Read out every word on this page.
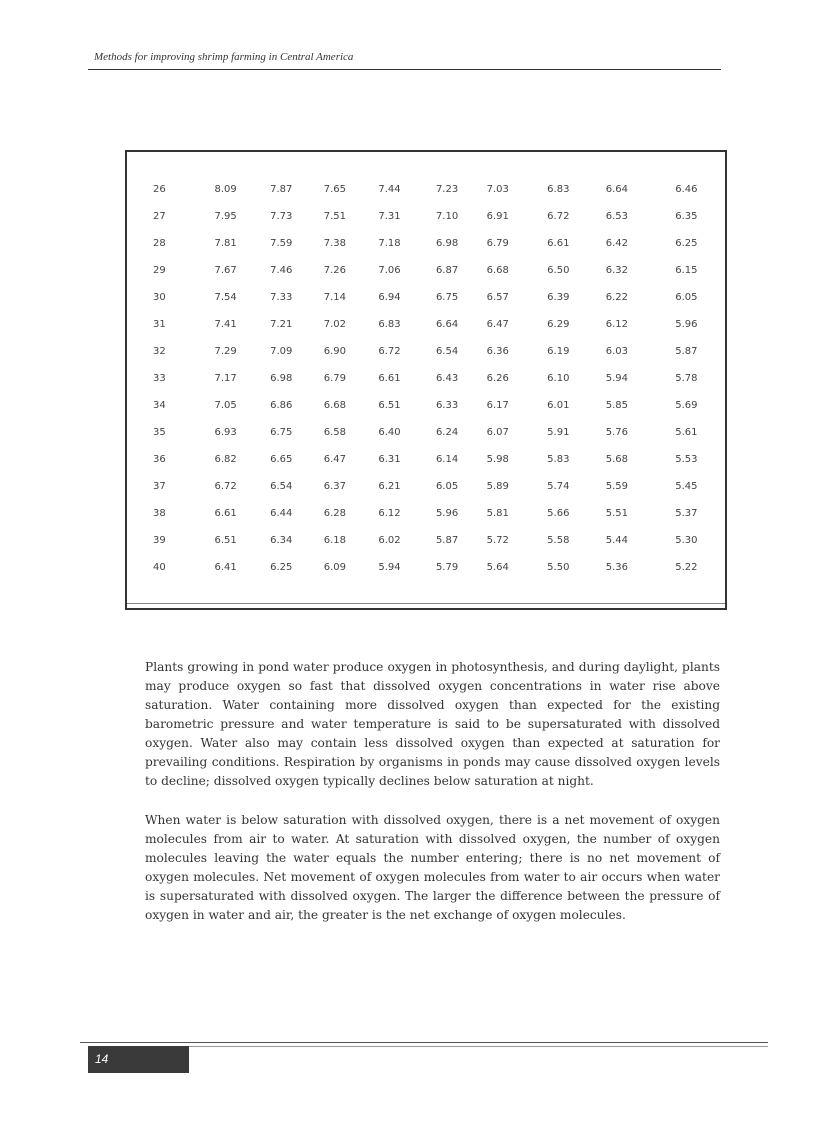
Methods for improving shrimp farming in Central America

26	8.09	7.87	7.65	7.44	7.23	7.03	6.83	6.64	6.46
27	7.95	7.73	7.51	7.31	7.10	6.91	6.72	6.53	6.35
28	7.81	7.59	7.38	7.18	6.98	6.79	6.61	6.42	6.25
29	7.67	7.46	7.26	7.06	6.87	6.68	6.50	6.32	6.15
30	7.54	7.33	7.14	6.94	6.75	6.57	6.39	6.22	6.05
31	7.41	7.21	7.02	6.83	6.64	6.47	6.29	6.12	5.96
32	7.29	7.09	6.90	6.72	6.54	6.36	6.19	6.03	5.87
33	7.17	6.98	6.79	6.61	6.43	6.26	6.10	5.94	5.78
34	7.05	6.86	6.68	6.51	6.33	6.17	6.01	5.85	5.69
35	6.93	6.75	6.58	6.40	6.24	6.07	5.91	5.76	5.61
36	6.82	6.65	6.47	6.31	6.14	5.98	5.83	5.68	5.53
37	6.72	6.54	6.37	6.21	6.05	5.89	5.74	5.59	5.45
38	6.61	6.44	6.28	6.12	5.96	5.81	5.66	5.51	5.37
39	6.51	6.34	6.18	6.02	5.87	5.72	5.58	5.44	5.30
40	6.41	6.25	6.09	5.94	5.79	5.64	5.50	5.36	5.22

Plants growing in pond water produce oxygen in photosynthesis, and during daylight, plants may produce oxygen so fast that dissolved oxygen concentrations in water rise above saturation. Water containing more dissolved oxygen than expected for the existing barometric pressure and water temperature is said to be supersaturated with dissolved oxygen. Water also may contain less dissolved oxygen than expected at saturation for prevailing conditions. Respiration by organisms in ponds may cause dissolved oxygen levels to decline; dissolved oxygen typically declines below saturation at night.

When water is below saturation with dissolved oxygen, there is a net movement of oxygen molecules from air to water. At saturation with dissolved oxygen, the number of oxygen molecules leaving the water equals the number entering; there is no net movement of oxygen molecules. Net movement of oxygen molecules from water to air occurs when water is supersaturated with dissolved oxygen. The larger the difference between the pressure of oxygen in water and air, the greater is the net exchange of oxygen molecules.

14
